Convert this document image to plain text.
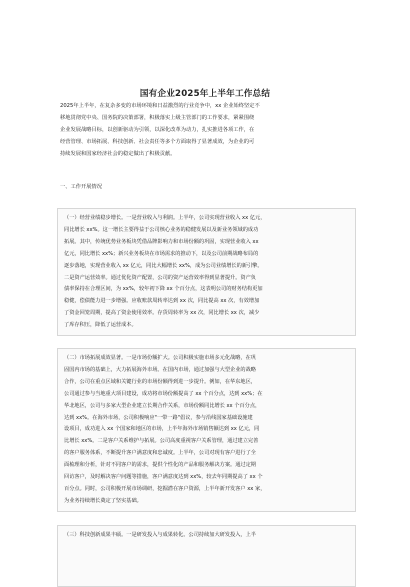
国有企业2025年上半年工作总结
2025年上半年，在复杂多变的市场环境和日益激烈的行业竞争中，xx 企业始终坚定不
移地贯彻党中央、国务院的决策部署，积极落实上级主管部门的工作要求，紧紧围绕
企业发展战略目标，以创新驱动为引领，以深化改革为动力，扎实推进各项工作，在
经营管理、市场拓展、科技创新、社会责任等多个方面取得了显著成效，为企业的可
持续发展和国家经济社会的稳定做出了积极贡献。
一、工作开展情况
（一）经营业绩稳步增长。一是营业收入与利润。上半年，公司实现营业收入 xx 亿元，
同比增长 xx%。这一增长主要得益于公司核心业务的稳健发展以及新业务领域的成功
拓展。其中，传统优势业务板块凭借品牌影响力和市场份额的巩固，实现营业收入 xx
亿元，同比增长 xx%；新兴业务板块在市场需求的推动下，以及公司前期战略布局的
逐步落地，实现营业收入 xx 亿元，同比大幅增长 xx%，成为公司业绩增长的新引擎。
二是资产运营效率。通过优化资产配置，公司的资产运营效率得到显著提升。资产负
债率保持在合理区间，为 xx%，较年初下降 xx 个百分点，这表明公司的财务结构更加
稳健，偿债能力进一步增强。应收账款周转率达到 xx 次，同比提高 xx 次，有效增加
了资金回笼周期，提高了资金使用效率。存货周转率为 xx 次，同比增长 xx 次，减少
了库存积压，降低了运营成本。
（二）市场拓展成效显著。一是市场份额扩大。公司积极实施市场多元化战略，在巩
固国内市场的基础上，大力拓展海外市场。在国内市场，通过加强与大型企业的战略
合作，公司在重点区域和关键行业的市场份额得到进一步提升。例如，在华东地区，
公司通过参与当地重大项目建设，成功将市场份额提高了 xx 个百分点，达到 xx%；在
华北地区，公司与多家大型企业建立长期合作关系，市场份额同比增长 xx 个百分点，
达到 xx%。在海外市场，公司积极响应"一带一路"倡议，参与沿线国家基础设施建
设项目，成功进入 xx 个国家和地区的市场，上半年海外市场销售额达到 xx 亿元，同
比增长 xx%。二是客户关系维护与拓展。公司高度重视客户关系管理，通过建立完善
的客户服务体系，不断提升客户满意度和忠诚度。上半年，公司对现有客户进行了全
面梳理和分析，针对不同客户的需求，提供个性化的产品和服务解决方案。通过定期
回访客户，及时解决客户问题等措施，客户满意度达到 xx%，较去年同期提高了 xx 个
百分点。同时，公司积极开展市场调研，挖掘潜在客户资源，上半年新开发客户 xx 家，
为业务持续增长奠定了坚实基础。
（三）科技创新成果丰硕。一是研发投入与成果转化。公司持续加大研发投入，上半
